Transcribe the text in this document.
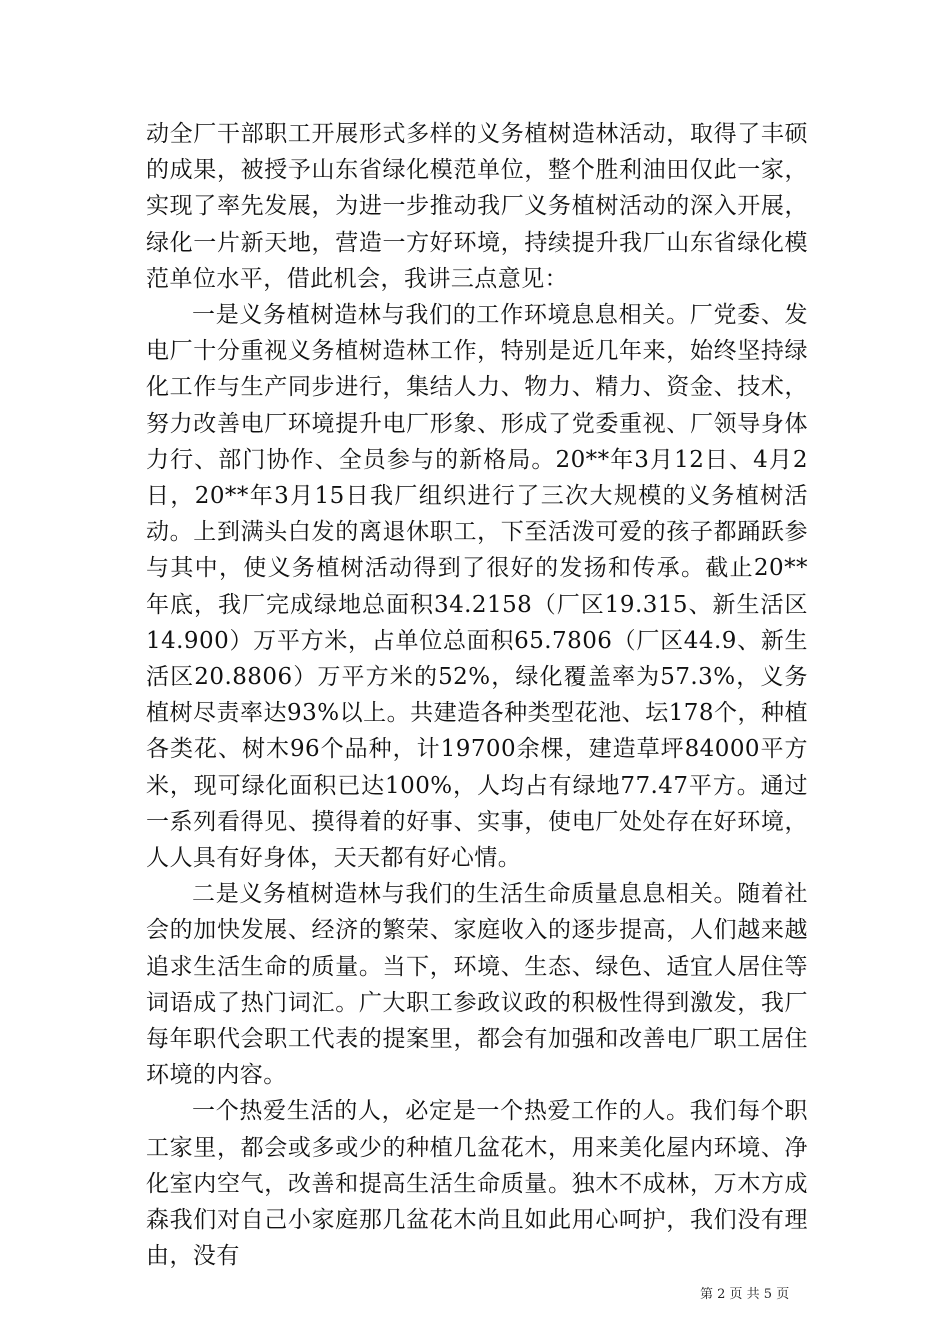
动全厂干部职工开展形式多样的义务植树造林活动，取得了丰硕的成果，被授予山东省绿化模范单位，整个胜利油田仅此一家，实现了率先发展，为进一步推动我厂义务植树活动的深入开展，绿化一片新天地，营造一方好环境，持续提升我厂山东省绿化模范单位水平，借此机会，我讲三点意见：

一是义务植树造林与我们的工作环境息息相关。厂党委、发电厂十分重视义务植树造林工作，特别是近几年来，始终坚持绿化工作与生产同步进行，集结人力、物力、精力、资金、技术，努力改善电厂环境提升电厂形象、形成了党委重视、厂领导身体力行、部门协作、全员参与的新格局。20**年3月12日、4月2日，20**年3月15日我厂组织进行了三次大规模的义务植树活动。上到满头白发的离退休职工，下至活泼可爱的孩子都踊跃参与其中，使义务植树活动得到了很好的发扬和传承。截止20**年底，我厂完成绿地总面积34.2158（厂区19.315、新生活区14.900）万平方米，占单位总面积65.7806（厂区44.9、新生活区20.8806）万平方米的52%，绿化覆盖率为57.3%，义务植树尽责率达93%以上。共建造各种类型花池、坛178个，种植各类花、树木96个品种，计19700余棵，建造草坪84000平方米，现可绿化面积已达100%，人均占有绿地77.47平方。通过一系列看得见、摸得着的好事、实事，使电厂处处存在好环境，人人具有好身体，天天都有好心情。

二是义务植树造林与我们的生活生命质量息息相关。随着社会的加快发展、经济的繁荣、家庭收入的逐步提高，人们越来越追求生活生命的质量。当下，环境、生态、绿色、适宜人居住等词语成了热门词汇。广大职工参政议政的积极性得到激发，我厂每年职代会职工代表的提案里，都会有加强和改善电厂职工居住环境的内容。

一个热爱生活的人，必定是一个热爱工作的人。我们每个职工家里，都会或多或少的种植几盆花木，用来美化屋内环境、净化室内空气，改善和提高生活生命质量。独木不成林，万木方成森我们对自己小家庭那几盆花木尚且如此用心呵护，我们没有理由，没有

第 2 页 共 5 页
